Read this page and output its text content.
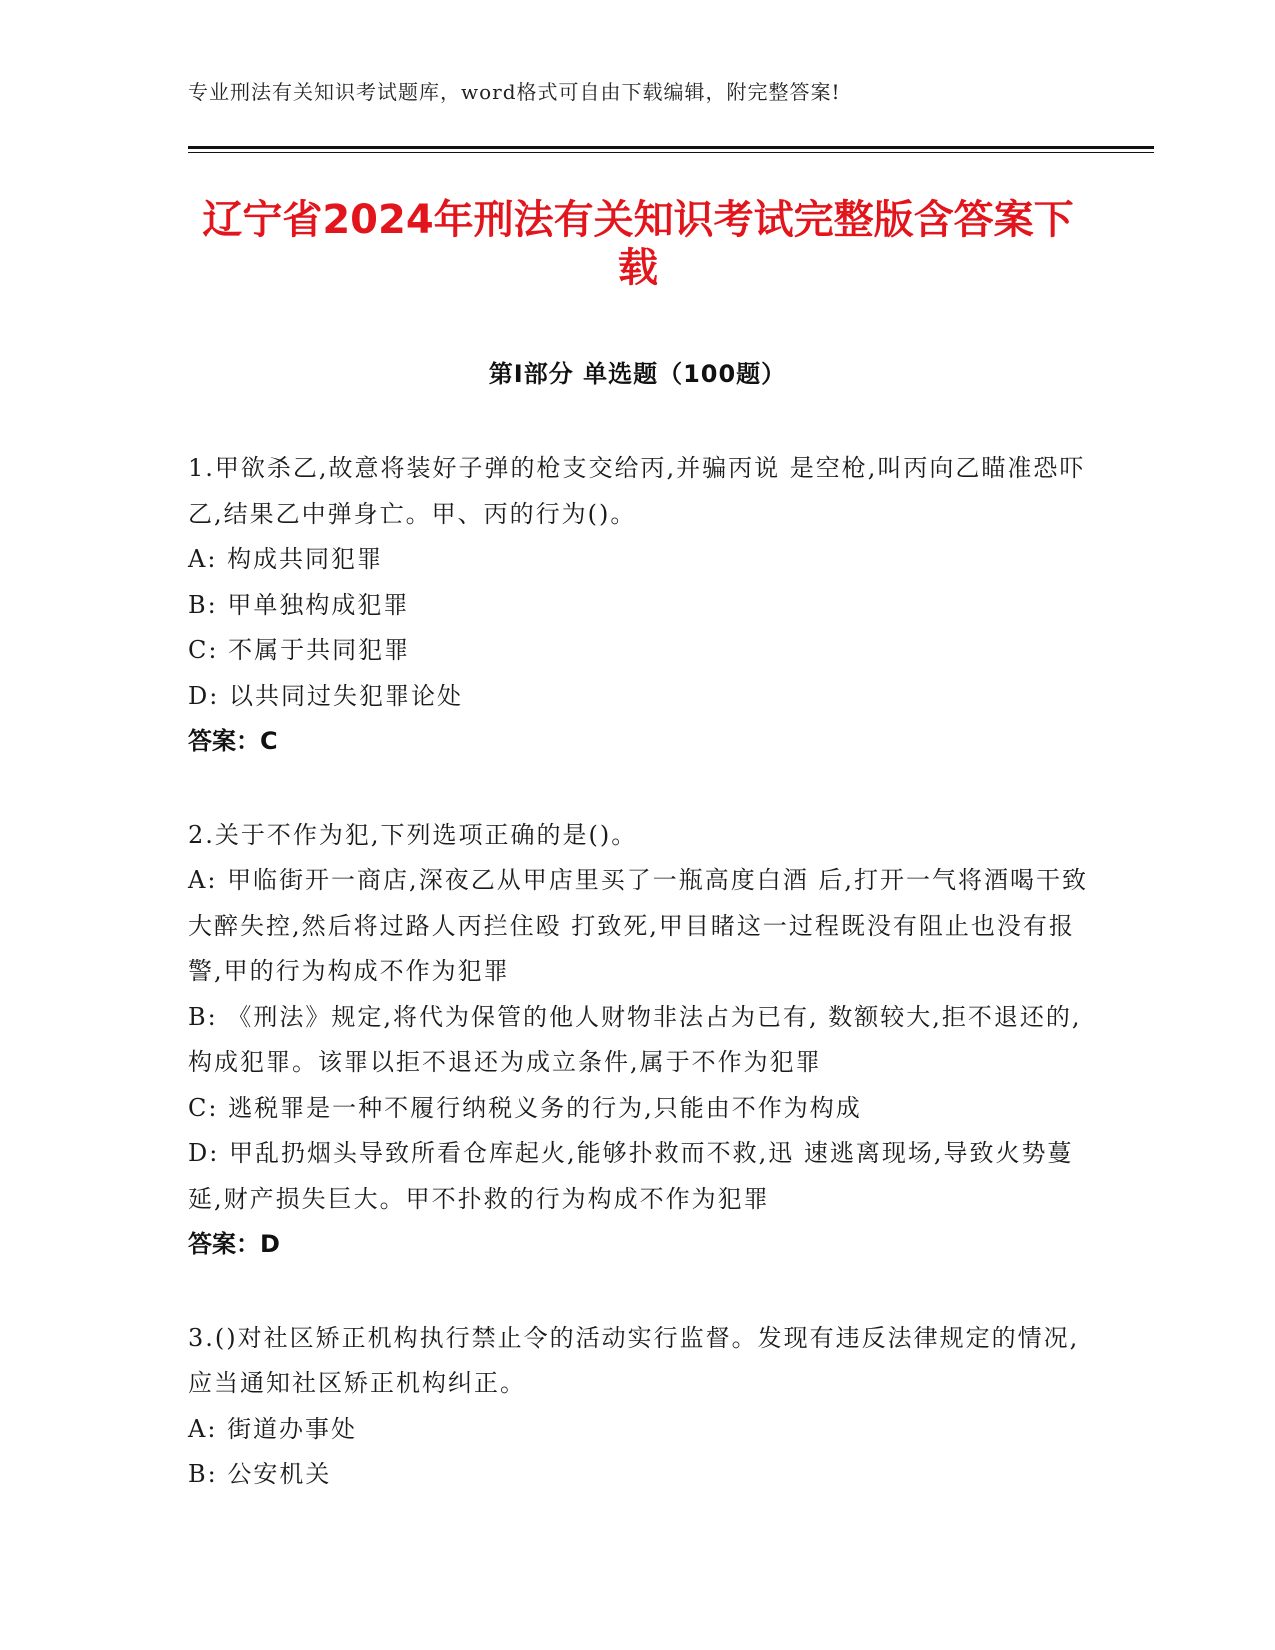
专业刑法有关知识考试题库，word格式可自由下载编辑，附完整答案!
辽宁省2024年刑法有关知识考试完整版含答案下载
第Ⅰ部分 单选题（100题）
1.甲欲杀乙,故意将装好子弹的枪支交给丙,并骗丙说 是空枪,叫丙向乙瞄准恐吓乙,结果乙中弹身亡。甲、丙的行为()。
A: 构成共同犯罪
B: 甲单独构成犯罪
C: 不属于共同犯罪
D: 以共同过失犯罪论处
答案：C
2.关于不作为犯,下列选项正确的是()。
A: 甲临街开一商店,深夜乙从甲店里买了一瓶高度白酒 后,打开一气将酒喝干致大醉失控,然后将过路人丙拦住殴 打致死,甲目睹这一过程既没有阻止也没有报警,甲的行为构成不作为犯罪
B: 《刑法》规定,将代为保管的他人财物非法占为已有, 数额较大,拒不退还的,构成犯罪。该罪以拒不退还为成立条件,属于不作为犯罪
C: 逃税罪是一种不履行纳税义务的行为,只能由不作为构成
D: 甲乱扔烟头导致所看仓库起火,能够扑救而不救,迅 速逃离现场,导致火势蔓延,财产损失巨大。甲不扑救的行为构成不作为犯罪
答案：D
3.()对社区矫正机构执行禁止令的活动实行监督。发现有违反法律规定的情况,应当通知社区矫正机构纠正。
A: 街道办事处
B: 公安机关
